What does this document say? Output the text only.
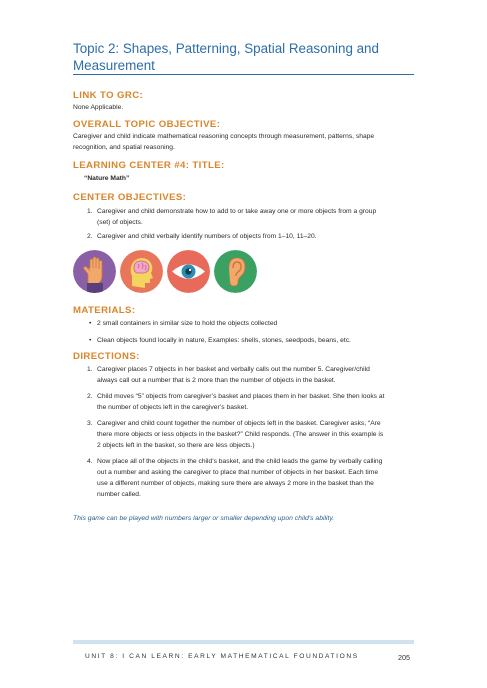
Topic 2: Shapes, Patterning, Spatial Reasoning and Measurement
LINK TO GRC:

None Applicable.

OVERALL TOPIC OBJECTIVE:

Caregiver and child indicate mathematical reasoning concepts through measurement, patterns, shape

recognition, and spatial reasoning.

LEARNING CENTER #4: TITLE:

“Nature Math”

CENTER OBJECTIVES:
1. Caregiver and child demonstrate how to add to or take away one or more objects from a group
(set) of objects.
2. Caregiver and child verbally identify numbers of objects from 1–10, 11–20.
MATERIALS:
• 2 small containers in similar size to hold the objects collected
• Clean objects found locally in nature, Examples: shells, stones, seedpods, beans, etc.
DIRECTIONS:
1. Caregiver places 7 objects in her basket and verbally calls out the number 5. Caregiver/child
always call out a number that is 2 more than the number of objects in the basket.
2. Child moves “5” objects from caregiver’s basket and places them in her basket. She then looks at
the number of objects left in the caregiver’s basket.
3. Caregiver and child count together the number of objects left in the basket. Caregiver asks, “Are
there more objects or less objects in the basket?” Child responds. (The answer in this example is
2 objects left in the basket, so there are less objects.)
4. Now place all of the objects in the child’s basket, and the child leads the game by verbally calling
out a number and asking the caregiver to place that number of objects in her basket. Each time
use a different number of objects, making sure there are always 2 more in the basket than the
number called.

This game can be played with numbers larger or smaller depending upon child’s ability.

UNIT 8: I CAN LEARN: EARLY MATHEMATICAL FOUNDATIONS	205
